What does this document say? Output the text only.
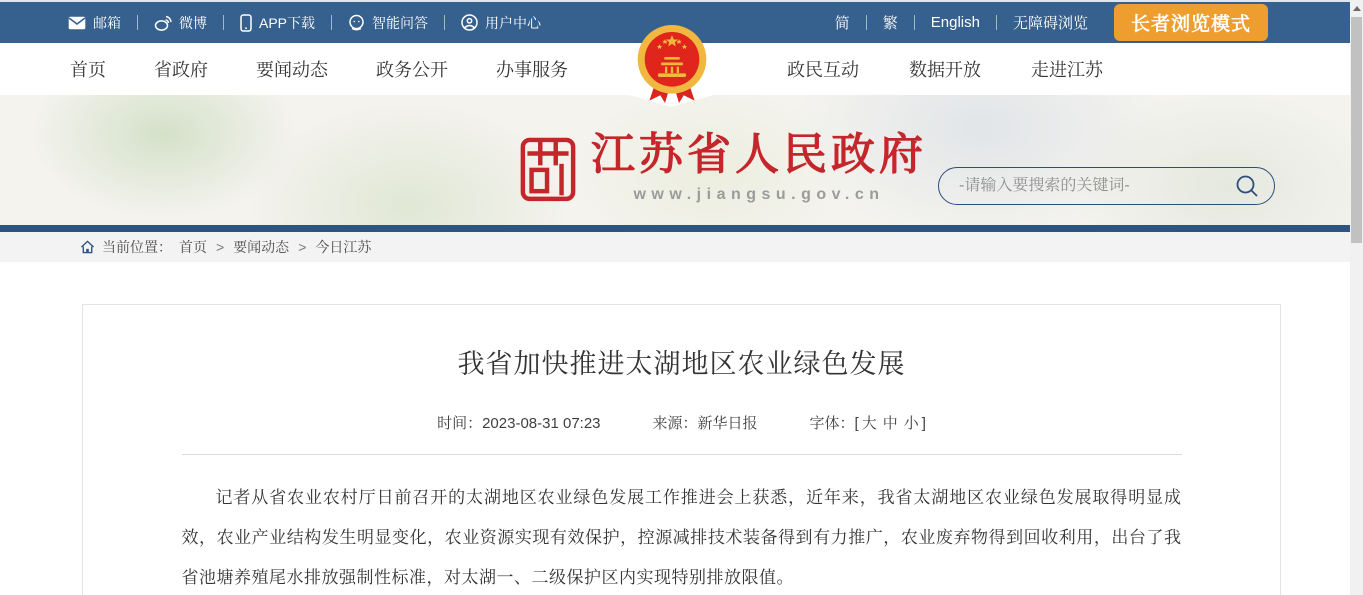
邮箱	微博	APP下载	智能问答	用户中心	简 繁 English 无障碍浏览	长者浏览模式
首页	省政府	要闻动态	政务公开	办事服务	政民互动	数据开放	走进江苏
江苏省人民政府
www.jiangsu.gov.cn
-请输入要搜索的关键词-
当前位置： 首页 > 要闻动态 > 今日江苏
我省加快推进太湖地区农业绿色发展
时间：2023-08-31 07:23	来源：新华日报	字体：[ 大 中 小 ]

记者从省农业农村厅日前召开的太湖地区农业绿色发展工作推进会上获悉，近年来，我省太湖地区农业绿色发展取得明显成效，农业产业结构发生明显变化，农业资源实现有效保护，控源减排技术装备得到有力推广，农业废弃物得到回收利用，出台了我省池塘养殖尾水排放强制性标准，对太湖一、二级保护区内实现特别排放限值。
